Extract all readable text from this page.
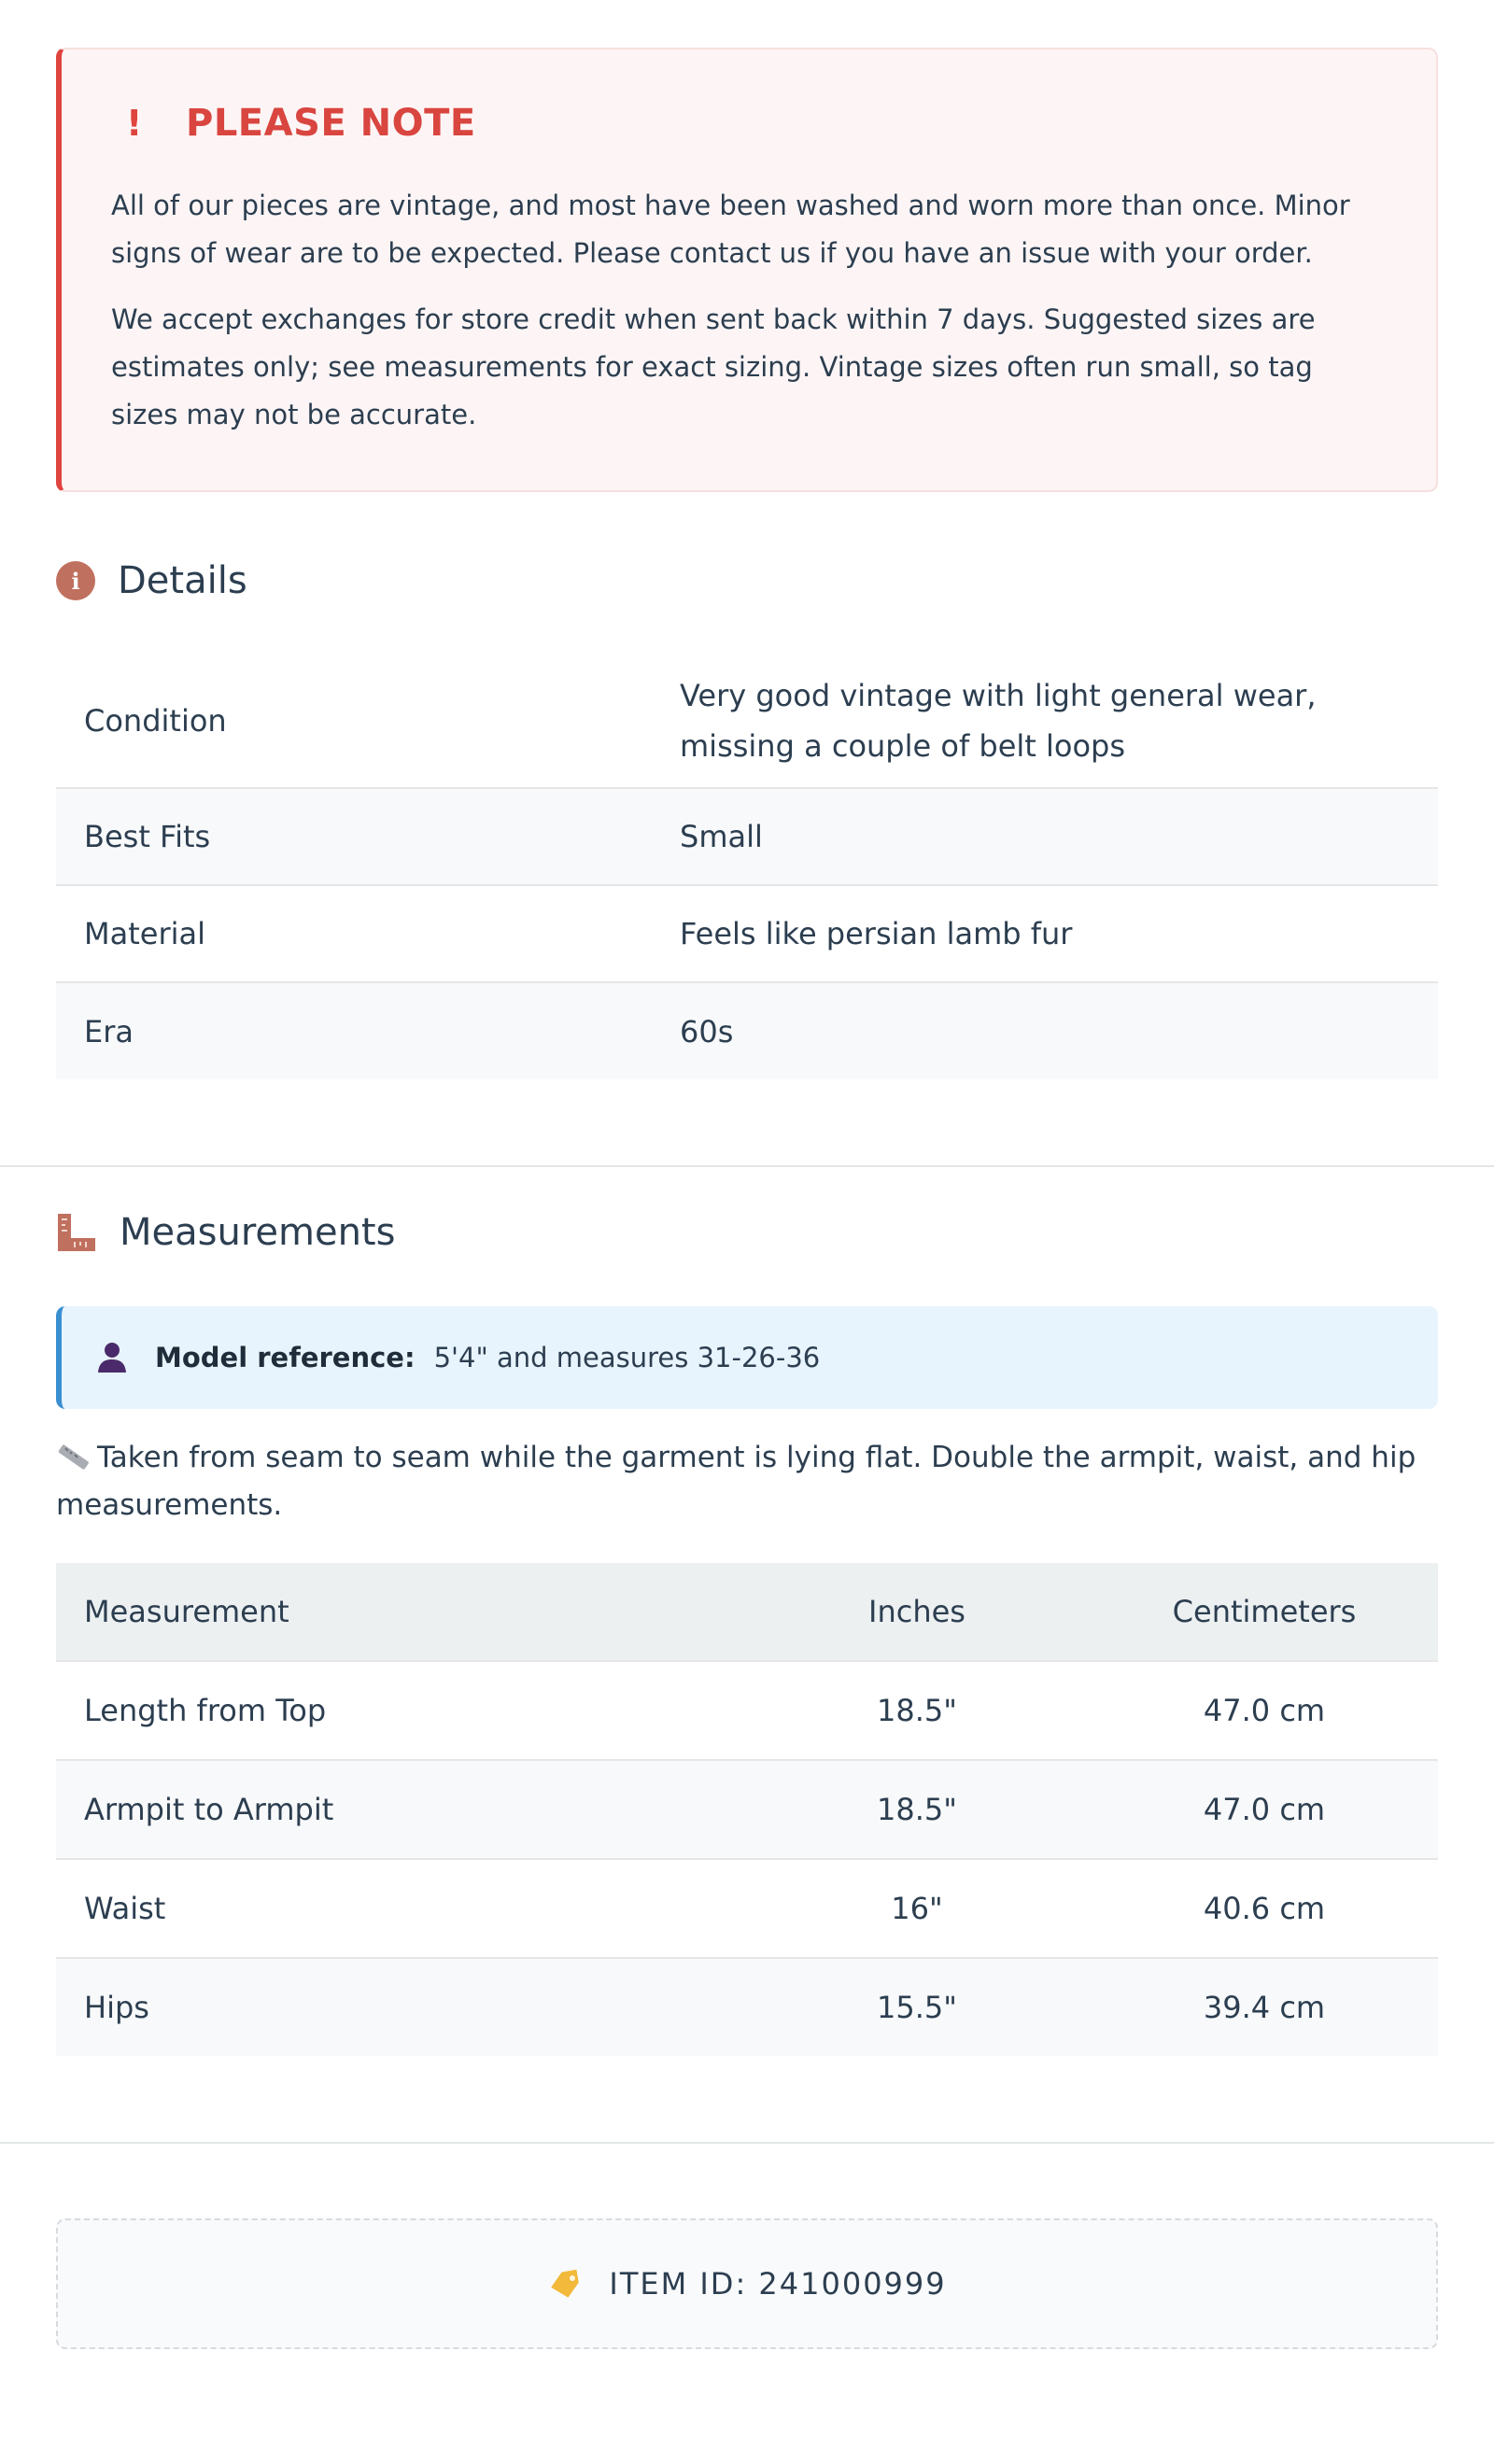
! PLEASE NOTE

All of our pieces are vintage, and most have been washed and worn more than once. Minor signs of wear are to be expected. Please contact us if you have an issue with your order.

We accept exchanges for store credit when sent back within 7 days. Suggested sizes are estimates only; see measurements for exact sizing. Vintage sizes often run small, so tag sizes may not be accurate.

i	Details
Condition	Very good vintage with light general wear, missing a couple of belt loops
Best Fits	Small
Material	Feels like persian lamb fur
Era	60s
Measurements
Model reference: 5'4" and measures 31-26-36

Taken from seam to seam while the garment is lying flat. Double the armpit, waist, and hip measurements.

Measurement	Inches	Centimeters
Length from Top	18.5"	47.0 cm
Armpit to Armpit	18.5"	47.0 cm
Waist	16"	40.6 cm
Hips	15.5"	39.4 cm
ITEM ID: 241000999
